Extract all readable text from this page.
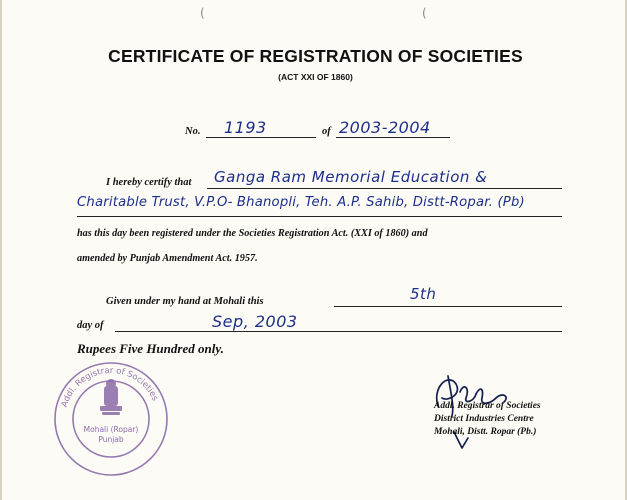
(	(
CERTIFICATE OF REGISTRATION OF SOCIETIES
(ACT XXI OF 1860)
No. 1193	of 2003-2004
I hereby certify that Ganga Ram Memorial Education &
Charitable Trust, V.P.O- Bhanopli, Teh. A.P. Sahib, Distt-Ropar. (Pb)
has this day been registered under the Societies Registration Act. (XXI of 1860) and
amended by Punjab Amendment Act. 1957.
Given under my hand at Mohali this	5th
day of	Sep, 2003
Rupees Five Hundred only.
Addl. Registrar of Societies
Mohali (Ropar)
Punjab
Addl. Registrar of Societies
District Industries Centre
Mohali, Distt. Ropar (Pb.)
